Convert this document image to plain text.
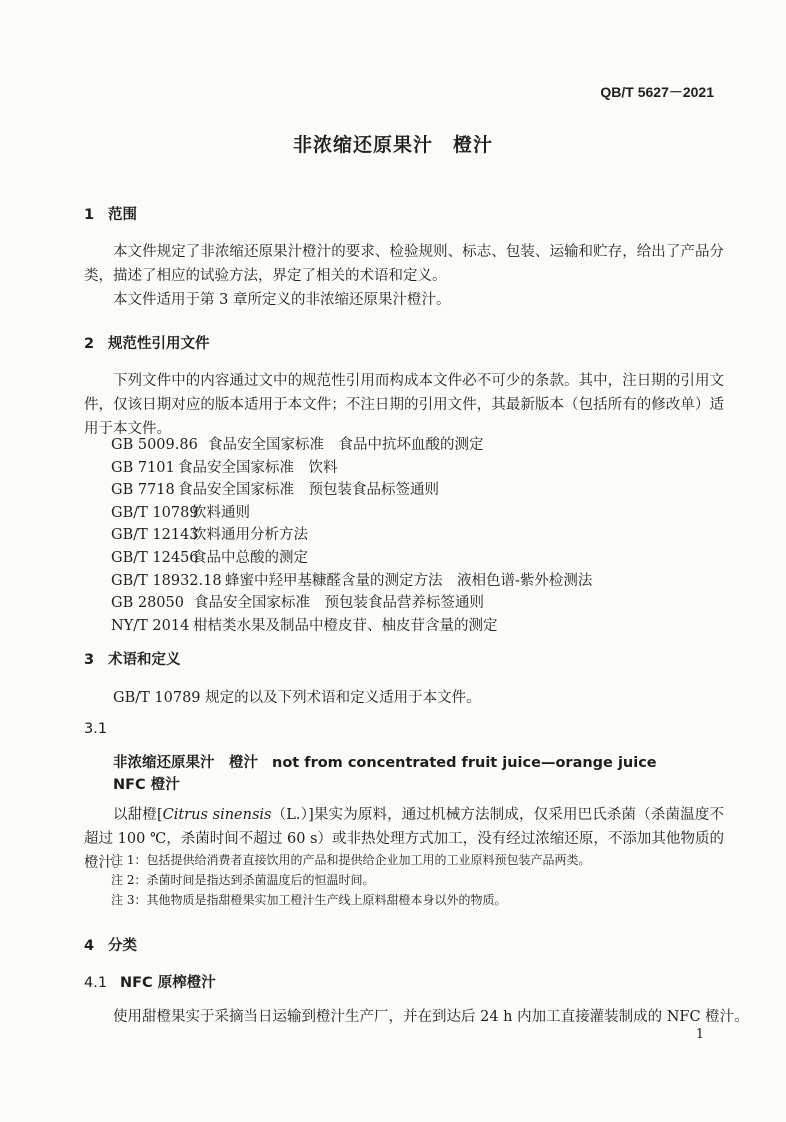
QB/T 5627－2021
非浓缩还原果汁　橙汁
1 范围
本文件规定了非浓缩还原果汁橙汁的要求、检验规则、标志、包装、运输和贮存，给出了产品分类，描述了相应的试验方法，界定了相关的术语和定义。
本文件适用于第 3 章所定义的非浓缩还原果汁橙汁。
2 规范性引用文件
下列文件中的内容通过文中的规范性引用而构成本文件必不可少的条款。其中，注日期的引用文件，仅该日期对应的版本适用于本文件；不注日期的引用文件，其最新版本（包括所有的修改单）适用于本文件。
GB 5009.86 食品安全国家标准　食品中抗坏血酸的测定
GB 7101 食品安全国家标准　饮料
GB 7718 食品安全国家标准　预包装食品标签通则
GB/T 10789饮料通则
GB/T 12143饮料通用分析方法
GB/T 12456食品中总酸的测定
GB/T 18932.18 蜂蜜中羟甲基糠醛含量的测定方法　液相色谱-紫外检测法
GB 28050 食品安全国家标准　预包装食品营养标签通则
NY/T 2014 柑桔类水果及制品中橙皮苷、柚皮苷含量的测定
3 术语和定义
GB/T 10789 规定的以及下列术语和定义适用于本文件。
3.1
非浓缩还原果汁　橙汁 not from concentrated fruit juice—orange juice
NFC 橙汁
以甜橙[Citrus sinensis（L.）]果实为原料，通过机械方法制成，仅采用巴氏杀菌（杀菌温度不超过 100 ℃，杀菌时间不超过 60 s）或非热处理方式加工，没有经过浓缩还原，不添加其他物质的橙汁。
注 1：包括提供给消费者直接饮用的产品和提供给企业加工用的工业原料预包装产品两类。
注 2：杀菌时间是指达到杀菌温度后的恒温时间。
注 3：其他物质是指甜橙果实加工橙汁生产线上原料甜橙本身以外的物质。
4 分类
4.1 NFC 原榨橙汁
使用甜橙果实于采摘当日运输到橙汁生产厂，并在到达后 24 h 内加工直接灌装制成的 NFC 橙汁。
1
